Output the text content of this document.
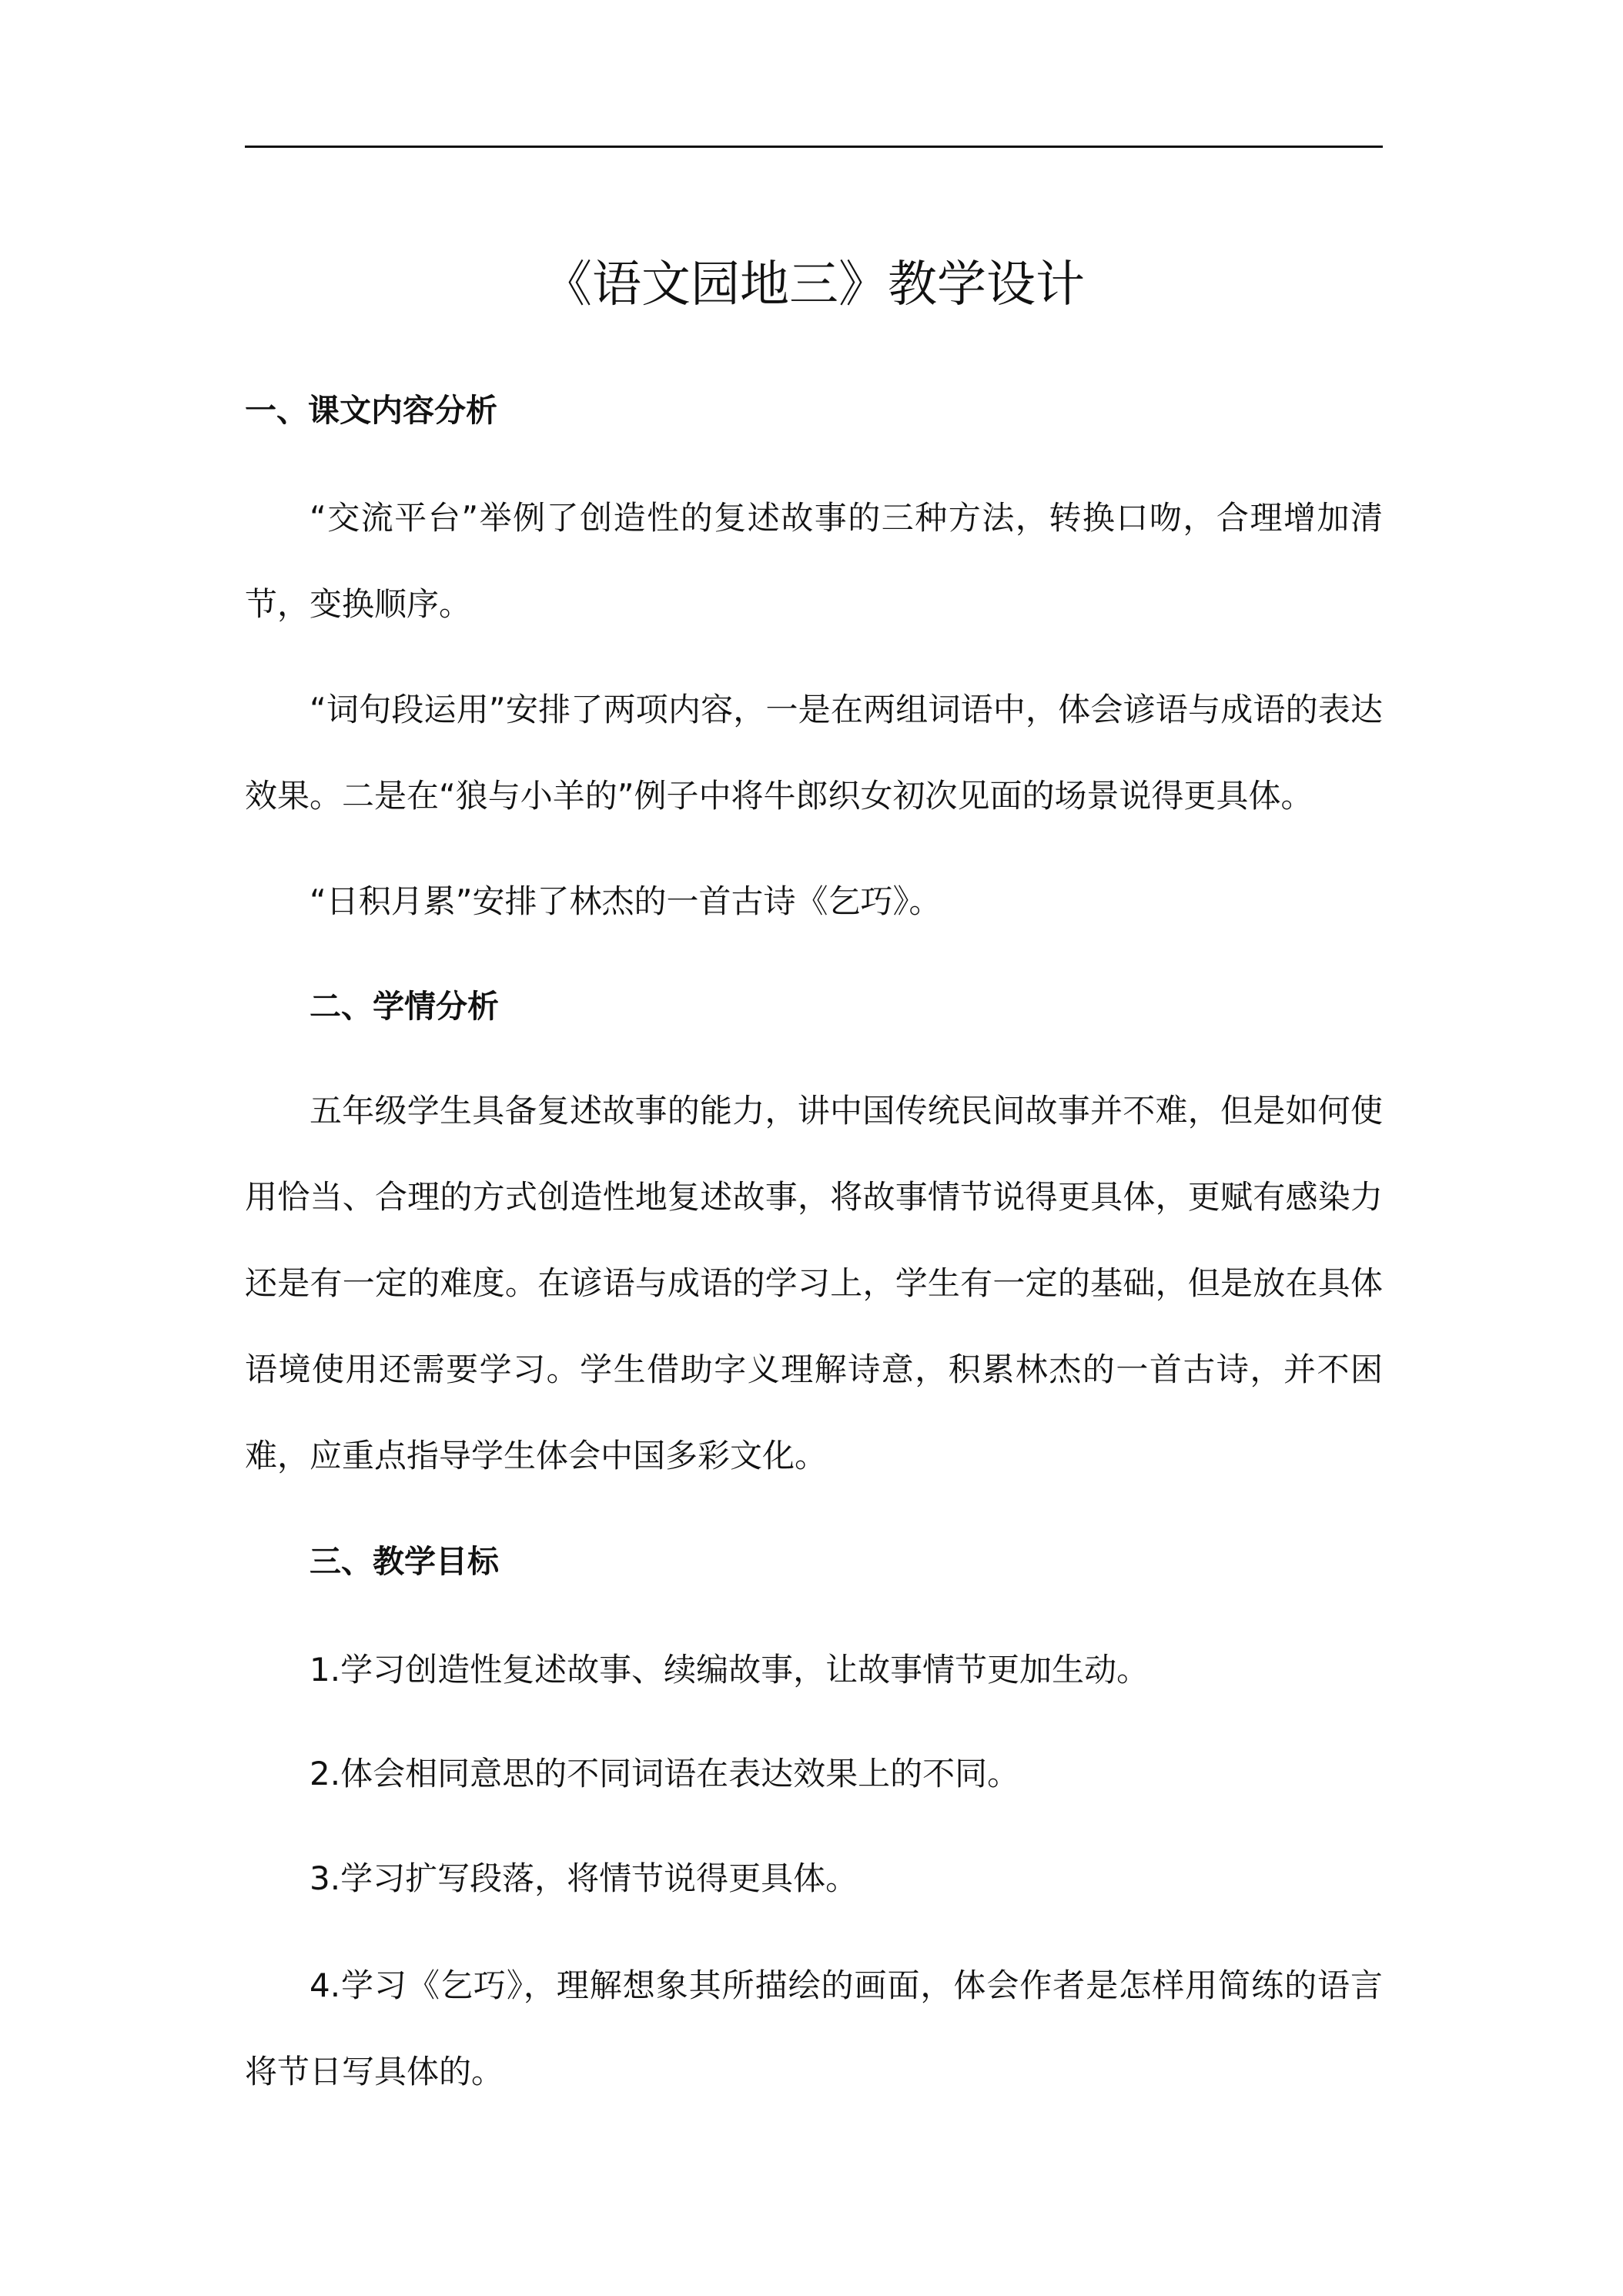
《语文园地三》教学设计
一、课文内容分析

“交流平台”举例了创造性的复述故事的三种方法，转换口吻，合理增加清节，变换顺序。

“词句段运用”安排了两项内容，一是在两组词语中，体会谚语与成语的表达效果。二是在“狼与小羊的”例子中将牛郎织女初次见面的场景说得更具体。

“日积月累”安排了林杰的一首古诗《乞巧》。

二、学情分析

五年级学生具备复述故事的能力，讲中国传统民间故事并不难，但是如何使用恰当、合理的方式创造性地复述故事，将故事情节说得更具体，更赋有感染力还是有一定的难度。在谚语与成语的学习上，学生有一定的基础，但是放在具体语境使用还需要学习。学生借助字义理解诗意，积累林杰的一首古诗，并不困难，应重点指导学生体会中国多彩文化。

三、教学目标

1.学习创造性复述故事、续编故事，让故事情节更加生动。

2.体会相同意思的不同词语在表达效果上的不同。

3.学习扩写段落，将情节说得更具体。

4.学习《乞巧》，理解想象其所描绘的画面，体会作者是怎样用简练的语言将节日写具体的。
